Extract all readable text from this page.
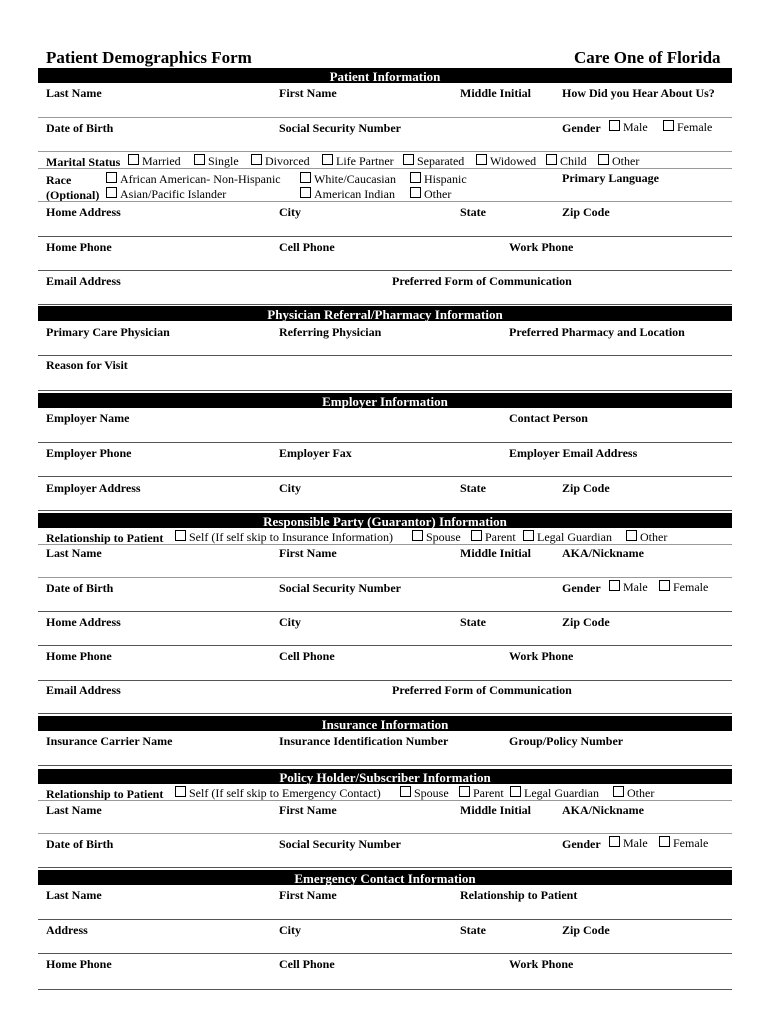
Patient Demographics Form	Care One of Florida
Patient Information
Last Name	First Name	Middle Initial	How Did you Hear About Us?
Date of Birth	Social Security Number	Gender	Male	Female
Marital Status	Married	Single	Divorced	Life Partner	Separated	Widowed	Child	Other
Race
(Optional)
African American- Non-Hispanic	White/Caucasian	Hispanic
Asian/Pacific Islander	American Indian	Other
Primary Language
Home Address	City	State	Zip Code
Home Phone	Cell Phone	Work Phone
Email Address	Preferred Form of Communication
Physician Referral/Pharmacy Information
Primary Care Physician	Referring Physician	Preferred Pharmacy and Location
Reason for Visit
Employer Information
Employer Name	Contact Person
Employer Phone	Employer Fax	Employer Email Address
Employer Address	City	State	Zip Code
Responsible Party (Guarantor) Information
Relationship to Patient	Self (If self skip to Insurance Information)	Spouse	Parent	Legal Guardian	Other
Last Name	First Name	Middle Initial	AKA/Nickname
Date of Birth	Social Security Number	Gender	Male	Female
Home Address	City	State	Zip Code
Home Phone	Cell Phone	Work Phone
Email Address	Preferred Form of Communication
Insurance Information
Insurance Carrier Name	Insurance Identification Number	Group/Policy Number
Policy Holder/Subscriber Information
Relationship to Patient	Self (If self skip to Emergency Contact)	Spouse	Parent	Legal Guardian	Other
Last Name	First Name	Middle Initial	AKA/Nickname
Date of Birth	Social Security Number	Gender	Male	Female
Emergency Contact Information
Last Name	First Name	Relationship to Patient
Address	City	State	Zip Code
Home Phone	Cell Phone	Work Phone
